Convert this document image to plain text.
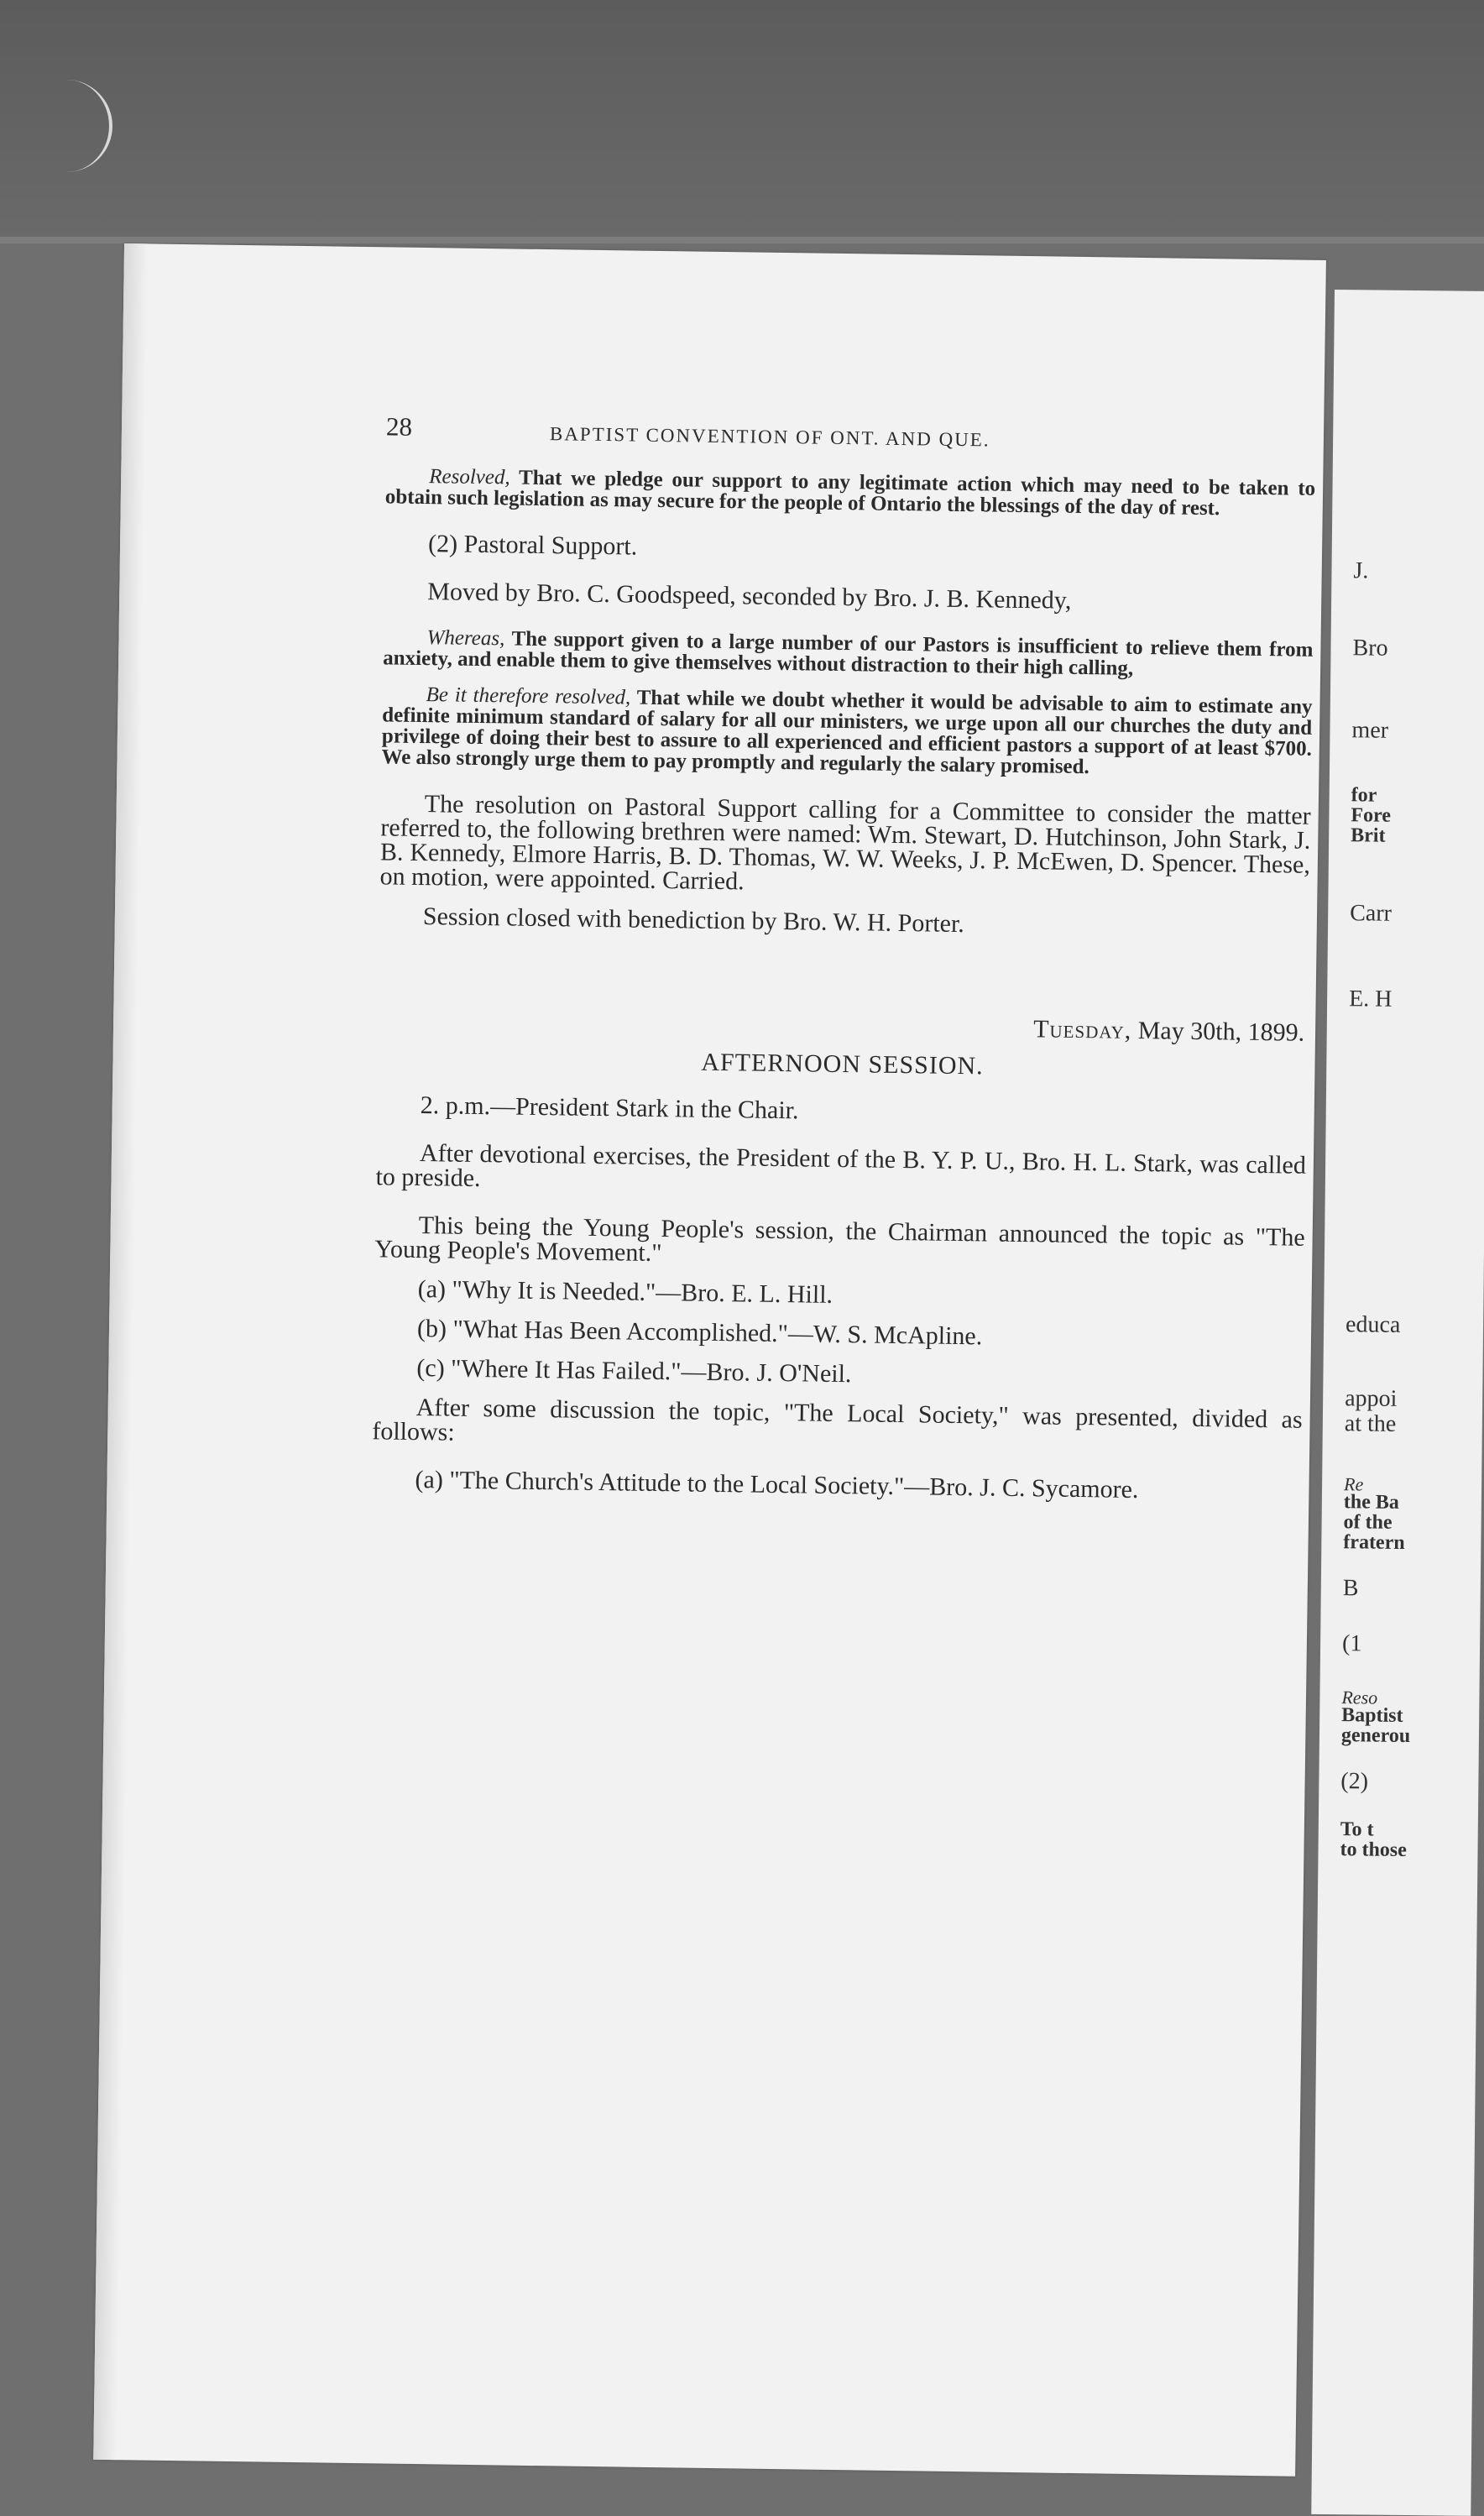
J.
Bro
mer
for
Fore
Brit
Carr
E. H
educa
appoi
at the
Re
the Ba
of the
fratern
B
(1
Reso
Baptist
generou
(2)
To t
to those
28	BAPTIST CONVENTION OF ONT. AND QUE.

Resolved, That we pledge our support to any legitimate action which may need to be taken to obtain such legislation as may secure for the people of Ontario the blessings of the day of rest.

(2) Pastoral Support.

Moved by Bro. C. Goodspeed, seconded by Bro. J. B. Kennedy,

Whereas, The support given to a large number of our Pastors is insufficient to relieve them from anxiety, and enable them to give themselves without distraction to their high calling,

Be it therefore resolved, That while we doubt whether it would be advisable to aim to estimate any definite minimum standard of salary for all our ministers, we urge upon all our churches the duty and privilege of doing their best to assure to all experienced and efficient pastors a support of at least $700. We also strongly urge them to pay promptly and regularly the salary promised.

The resolution on Pastoral Support calling for a Committee to consider the matter referred to, the following brethren were named: Wm. Stewart, D. Hutchinson, John Stark, J. B. Kennedy, Elmore Harris, B. D. Thomas, W. W. Weeks, J. P. McEwen, D. Spencer. These, on motion, were appointed. Carried.

Session closed with benediction by Bro. W. H. Porter.

Tuesday, May 30th, 1899.

AFTERNOON SESSION.

2. p.m.—President Stark in the Chair.

After devotional exercises, the President of the B. Y. P. U., Bro. H. L. Stark, was called to preside.

This being the Young People's session, the Chairman announced the topic as "The Young People's Movement."

(a) "Why It is Needed."—Bro. E. L. Hill.

(b) "What Has Been Accomplished."—W. S. McApline.

(c) "Where It Has Failed."—Bro. J. O'Neil.

After some discussion the topic, "The Local Society," was presented, divided as follows:

(a) "The Church's Attitude to the Local Society."—Bro. J. C. Sycamore.
